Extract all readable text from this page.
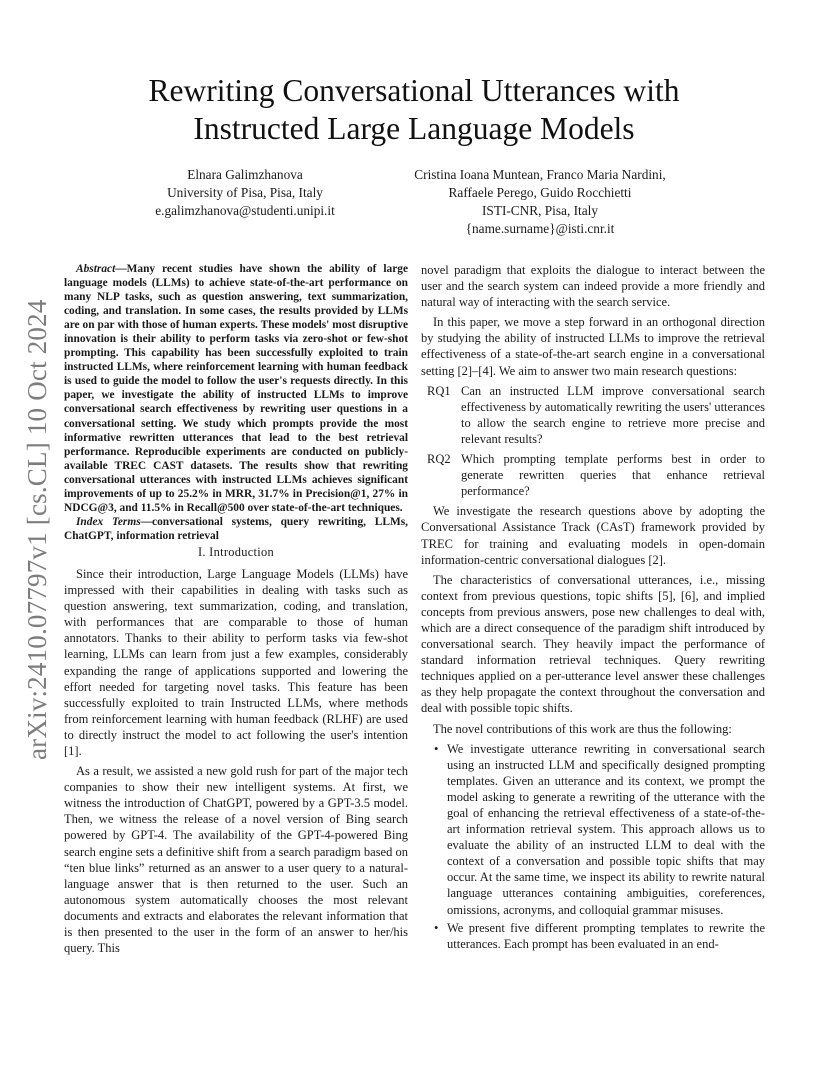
arXiv:2410.07797v1 [cs.CL] 10 Oct 2024
Rewriting Conversational Utterances with
Instructed Large Language Models
Elnara Galimzhanova
University of Pisa, Pisa, Italy
e.galimzhanova@studenti.unipi.it
Cristina Ioana Muntean, Franco Maria Nardini,
Raffaele Perego, Guido Rocchietti
ISTI-CNR, Pisa, Italy
{name.surname}@isti.cnr.it

Abstract—Many recent studies have shown the ability of large language models (LLMs) to achieve state-of-the-art performance on many NLP tasks, such as question answering, text summarization, coding, and translation. In some cases, the results provided by LLMs are on par with those of human experts. These models' most disruptive innovation is their ability to perform tasks via zero-shot or few-shot prompting. This capability has been successfully exploited to train instructed LLMs, where reinforcement learning with human feedback is used to guide the model to follow the user's requests directly. In this paper, we investigate the ability of instructed LLMs to improve conversational search effectiveness by rewriting user questions in a conversational setting. We study which prompts provide the most informative rewritten utterances that lead to the best retrieval performance. Reproducible experiments are conducted on publicly-available TREC CAST datasets. The results show that rewriting conversational utterances with instructed LLMs achieves significant improvements of up to 25.2% in MRR, 31.7% in Precision@1, 27% in NDCG@3, and 11.5% in Recall@500 over state-of-the-art techniques.

Index Terms—conversational systems, query rewriting, LLMs, ChatGPT, information retrieval

I. Introduction

Since their introduction, Large Language Models (LLMs) have impressed with their capabilities in dealing with tasks such as question answering, text summarization, coding, and translation, with performances that are comparable to those of human annotators. Thanks to their ability to perform tasks via few-shot learning, LLMs can learn from just a few examples, considerably expanding the range of applications supported and lowering the effort needed for targeting novel tasks. This feature has been successfully exploited to train Instructed LLMs, where methods from reinforcement learning with human feedback (RLHF) are used to directly instruct the model to act following the user's intention [1].

As a result, we assisted a new gold rush for part of the major tech companies to show their new intelligent systems. At first, we witness the introduction of ChatGPT, powered by a GPT-3.5 model. Then, we witness the release of a novel version of Bing search powered by GPT-4. The availability of the GPT-4-powered Bing search engine sets a definitive shift from a search paradigm based on “ten blue links” returned as an answer to a user query to a natural-language answer that is then returned to the user. Such an autonomous system automatically chooses the most relevant documents and extracts and elaborates the relevant information that is then presented to the user in the form of an answer to her/his query. This

novel paradigm that exploits the dialogue to interact between the user and the search system can indeed provide a more friendly and natural way of interacting with the search service.

In this paper, we move a step forward in an orthogonal direction by studying the ability of instructed LLMs to improve the retrieval effectiveness of a state-of-the-art search engine in a conversational setting [2]–[4]. We aim to answer two main research questions:

RQ1 Can an instructed LLM improve conversational search effectiveness by automatically rewriting the users' utterances to allow the search engine to retrieve more precise and relevant results?
RQ2 Which prompting template performs best in order to generate rewritten queries that enhance retrieval performance?

We investigate the research questions above by adopting the Conversational Assistance Track (CAsT) framework provided by TREC for training and evaluating models in open-domain information-centric conversational dialogues [2].

The characteristics of conversational utterances, i.e., missing context from previous questions, topic shifts [5], [6], and implied concepts from previous answers, pose new challenges to deal with, which are a direct consequence of the paradigm shift introduced by conversational search. They heavily impact the performance of standard information retrieval techniques. Query rewriting techniques applied on a per-utterance level answer these challenges as they help propagate the context throughout the conversation and deal with possible topic shifts.

The novel contributions of this work are thus the following:

• We investigate utterance rewriting in conversational search using an instructed LLM and specifically designed prompting templates. Given an utterance and its context, we prompt the model asking to generate a rewriting of the utterance with the goal of enhancing the retrieval effectiveness of a state-of-the-art information retrieval system. This approach allows us to evaluate the ability of an instructed LLM to deal with the context of a conversation and possible topic shifts that may occur. At the same time, we inspect its ability to rewrite natural language utterances containing ambiguities, coreferences, omissions, acronyms, and colloquial grammar misuses.
• We present five different prompting templates to rewrite the utterances. Each prompt has been evaluated in an end-
